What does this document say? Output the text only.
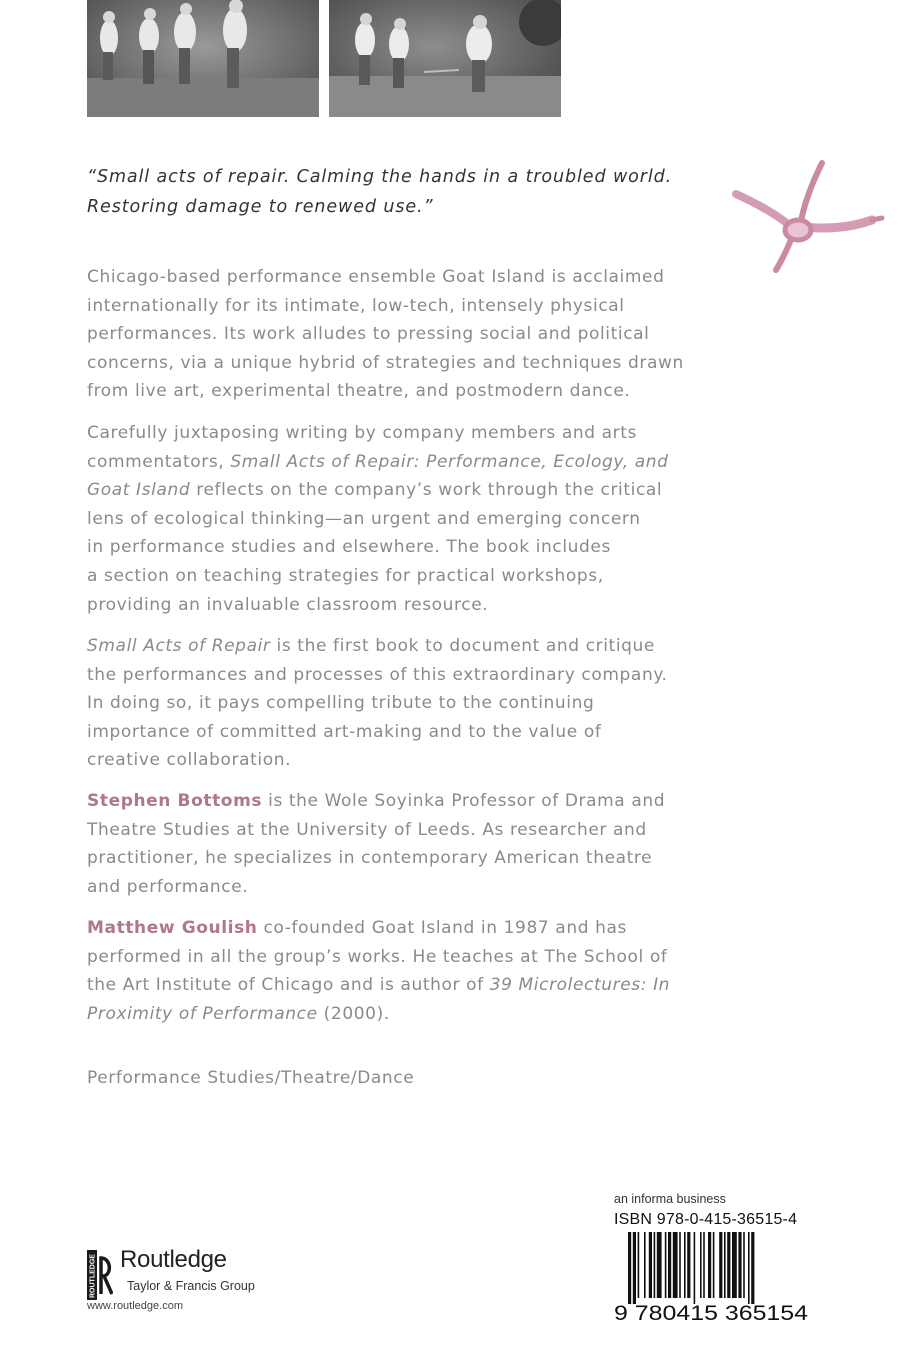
“Small acts of repair. Calming the hands in a troubled world.
Restoring damage to renewed use.”
Chicago-based performance ensemble Goat Island is acclaimed
internationally for its intimate, low-tech, intensely physical
performances. Its work alludes to pressing social and political
concerns, via a unique hybrid of strategies and techniques drawn
from live art, experimental theatre, and postmodern dance.
Carefully juxtaposing writing by company members and arts
commentators, Small Acts of Repair: Performance, Ecology, and
Goat Island reflects on the company’s work through the critical
lens of ecological thinking—an urgent and emerging concern
in performance studies and elsewhere. The book includes
a section on teaching strategies for practical workshops,
providing an invaluable classroom resource.
Small Acts of Repair is the first book to document and critique
the performances and processes of this extraordinary company.
In doing so, it pays compelling tribute to the continuing
importance of committed art-making and to the value of
creative collaboration.
Stephen Bottoms is the Wole Soyinka Professor of Drama and
Theatre Studies at the University of Leeds. As researcher and
practitioner, he specializes in contemporary American theatre
and performance.
Matthew Goulish co-founded Goat Island in 1987 and has
performed in all the group’s works. He teaches at The School of
the Art Institute of Chicago and is author of 39 Microlectures: In
Proximity of Performance (2000).
Performance Studies/Theatre/Dance
ROUTLEDGE Routledge
Taylor & Francis Group
www.routledge.com
an informa business
ISBN 978-0-415-36515-4
9 780415 365154
